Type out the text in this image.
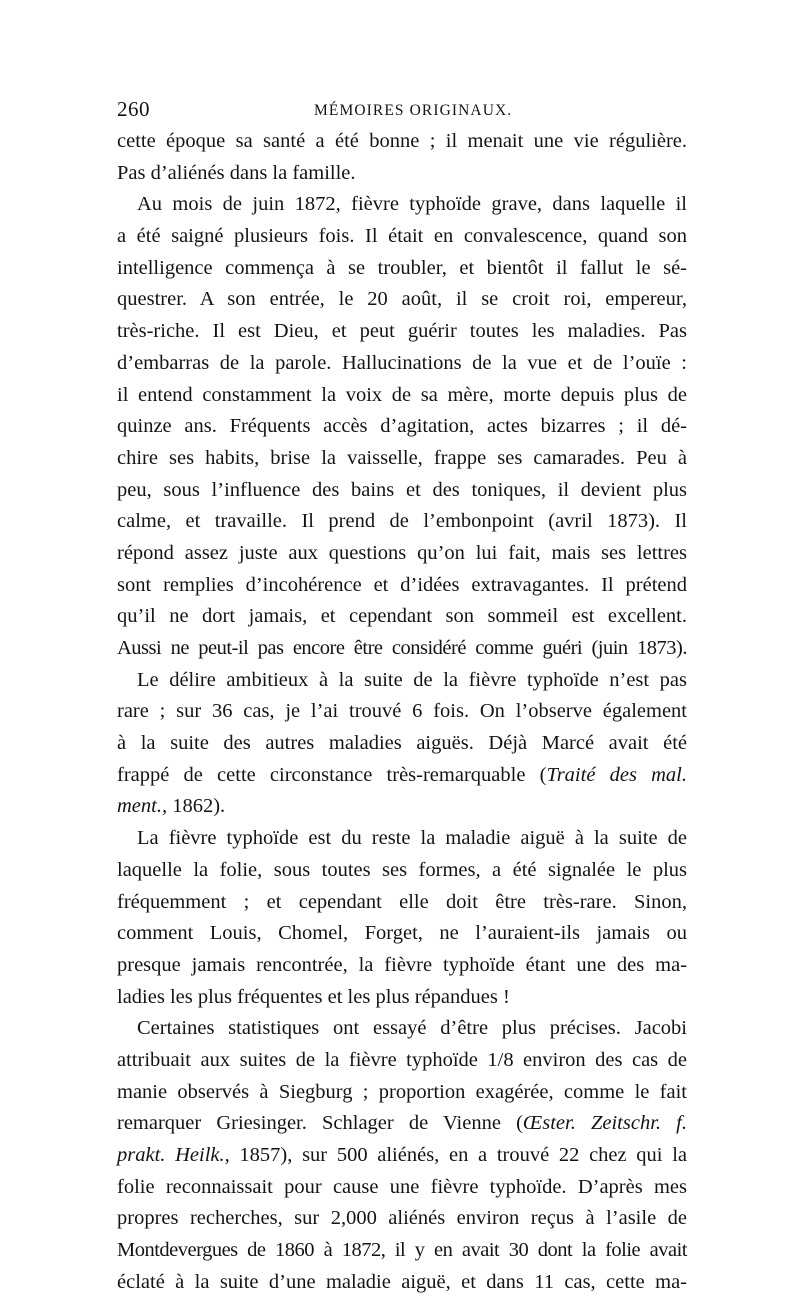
260	MÉMOIRES ORIGINAUX.
cette époque sa santé a été bonne ; il menait une vie régulière.
Pas d’aliénés dans la famille.
Au mois de juin 1872, fièvre typhoïde grave, dans laquelle il
a été saigné plusieurs fois. Il était en convalescence, quand son
intelligence commença à se troubler, et bientôt il fallut le sé-
questrer. A son entrée, le 20 août, il se croit roi, empereur,
très-riche. Il est Dieu, et peut guérir toutes les maladies. Pas
d’embarras de la parole. Hallucinations de la vue et de l’ouïe :
il entend constamment la voix de sa mère, morte depuis plus de
quinze ans. Fréquents accès d’agitation, actes bizarres ; il dé-
chire ses habits, brise la vaisselle, frappe ses camarades. Peu à
peu, sous l’influence des bains et des toniques, il devient plus
calme, et travaille. Il prend de l’embonpoint (avril 1873). Il
répond assez juste aux questions qu’on lui fait, mais ses lettres
sont remplies d’incohérence et d’idées extravagantes. Il prétend
qu’il ne dort jamais, et cependant son sommeil est excellent.
Aussi ne peut-il pas encore être considéré comme guéri (juin 1873).
Le délire ambitieux à la suite de la fièvre typhoïde n’est pas
rare ; sur 36 cas, je l’ai trouvé 6 fois. On l’observe également
à la suite des autres maladies aiguës. Déjà Marcé avait été
frappé de cette circonstance très-remarquable (Traité des mal.
ment., 1862).
La fièvre typhoïde est du reste la maladie aiguë à la suite de
laquelle la folie, sous toutes ses formes, a été signalée le plus
fréquemment ; et cependant elle doit être très-rare. Sinon,
comment Louis, Chomel, Forget, ne l’auraient-ils jamais ou
presque jamais rencontrée, la fièvre typhoïde étant une des ma-
ladies les plus fréquentes et les plus répandues !
Certaines statistiques ont essayé d’être plus précises. Jacobi
attribuait aux suites de la fièvre typhoïde 1/8 environ des cas de
manie observés à Siegburg ; proportion exagérée, comme le fait
remarquer Griesinger. Schlager de Vienne (Œster. Zeitschr. f.
prakt. Heilk., 1857), sur 500 aliénés, en a trouvé 22 chez qui la
folie reconnaissait pour cause une fièvre typhoïde. D’après mes
propres recherches, sur 2,000 aliénés environ reçus à l’asile de
Montdevergues de 1860 à 1872, il y en avait 30 dont la folie avait
éclaté à la suite d’une maladie aiguë, et dans 11 cas, cette ma-
